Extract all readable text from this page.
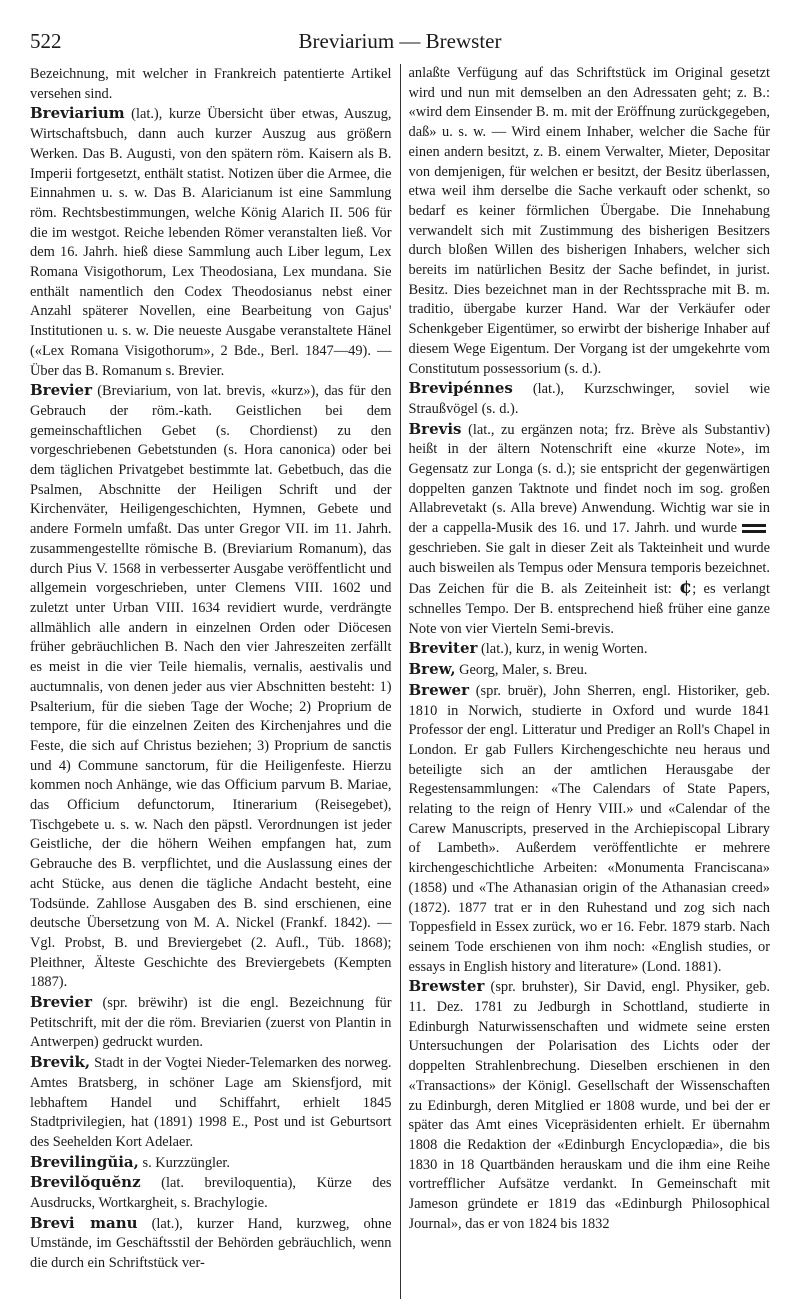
522	Breviarium — Brewster

Bezeichnung, mit welcher in Frankreich patentierte Artikel versehen sind.

Breviarium (lat.), kurze Übersicht über etwas, Auszug, Wirtschaftsbuch, dann auch kurzer Auszug aus größern Werken. Das B. Augusti, von den spätern röm. Kaisern als B. Imperii fortgesetzt, enthält statist. Notizen über die Armee, die Einnahmen u. s. w. Das B. Alaricianum ist eine Sammlung röm. Rechtsbestimmungen, welche König Alarich II. 506 für die im westgot. Reiche lebenden Römer veranstalten ließ. Vor dem 16. Jahrh. hieß diese Sammlung auch Liber legum, Lex Romana Visigothorum, Lex Theodosiana, Lex mundana. Sie enthält namentlich den Codex Theodosianus nebst einer Anzahl späterer Novellen, eine Bearbeitung von Gajus' Institutionen u. s. w. Die neueste Ausgabe veranstaltete Hänel («Lex Romana Visigothorum», 2 Bde., Berl. 1847—49). — Über das B. Romanum s. Brevier.

Brevier (Breviarium, von lat. brevis, «kurz»), das für den Gebrauch der röm.-kath. Geistlichen bei dem gemeinschaftlichen Gebet (s. Chordienst) zu den vorgeschriebenen Gebetstunden (s. Hora canonica) oder bei dem täglichen Privatgebet bestimmte lat. Gebetbuch, das die Psalmen, Abschnitte der Heiligen Schrift und der Kirchenväter, Heiligengeschichten, Hymnen, Gebete und andere Formeln umfaßt. Das unter Gregor VII. im 11. Jahrh. zusammengestellte römische B. (Breviarium Romanum), das durch Pius V. 1568 in verbesserter Ausgabe veröffentlicht und allgemein vorgeschrieben, unter Clemens VIII. 1602 und zuletzt unter Urban VIII. 1634 revidiert wurde, verdrängte allmählich alle andern in einzelnen Orden oder Diöcesen früher gebräuchlichen B. Nach den vier Jahreszeiten zerfällt es meist in die vier Teile hiemalis, vernalis, aestivalis und auctumnalis, von denen jeder aus vier Abschnitten besteht: 1) Psalterium, für die sieben Tage der Woche; 2) Proprium de tempore, für die einzelnen Zeiten des Kirchenjahres und die Feste, die sich auf Christus beziehen; 3) Proprium de sanctis und 4) Commune sanctorum, für die Heiligenfeste. Hierzu kommen noch Anhänge, wie das Officium parvum B. Mariae, das Officium defunctorum, Itinerarium (Reisegebet), Tischgebete u. s. w. Nach den päpstl. Verordnungen ist jeder Geistliche, der die höhern Weihen empfangen hat, zum Gebrauche des B. verpflichtet, und die Auslassung eines der acht Stücke, aus denen die tägliche Andacht besteht, eine Todsünde. Zahllose Ausgaben des B. sind erschienen, eine deutsche Übersetzung von M. A. Nickel (Frankf. 1842). — Vgl. Probst, B. und Breviergebet (2. Aufl., Tüb. 1868); Pleithner, Älteste Geschichte des Breviergebets (Kempten 1887).

Brevier (spr. brëwihr) ist die engl. Bezeichnung für Petitschrift, mit der die röm. Breviarien (zuerst von Plantin in Antwerpen) gedruckt wurden.

Brevik, Stadt in der Vogtei Nieder-Telemarken des norweg. Amtes Bratsberg, in schöner Lage am Skiensfjord, mit lebhaftem Handel und Schiffahrt, erhielt 1845 Stadtprivilegien, hat (1891) 1998 E., Post und ist Geburtsort des Seehelden Kort Adelaer.

Brevilingŭia, s. Kurzzüngler.

Brevilŏquĕnz (lat. breviloquentia), Kürze des Ausdrucks, Wortkargheit, s. Brachylogie.

Brevi manu (lat.), kurzer Hand, kurzweg, ohne Umstände, im Geschäftsstil der Behörden gebräuchlich, wenn die durch ein Schriftstück ver-

anlaßte Verfügung auf das Schriftstück im Original gesetzt wird und nun mit demselben an den Adressaten geht; z. B.: «wird dem Einsender B. m. mit der Eröffnung zurückgegeben, daß» u. s. w. — Wird einem Inhaber, welcher die Sache für einen andern besitzt, z. B. einem Verwalter, Mieter, Depositar von demjenigen, für welchen er besitzt, der Besitz überlassen, etwa weil ihm derselbe die Sache verkauft oder schenkt, so bedarf es keiner förmlichen Übergabe. Die Innehabung verwandelt sich mit Zustimmung des bisherigen Besitzers durch bloßen Willen des bisherigen Inhabers, welcher sich bereits im natürlichen Besitz der Sache befindet, in jurist. Besitz. Dies bezeichnet man in der Rechtssprache mit B. m. traditio, übergabe kurzer Hand. War der Verkäufer oder Schenkgeber Eigentümer, so erwirbt der bisherige Inhaber auf diesem Wege Eigentum. Der Vorgang ist der umgekehrte vom Constitutum possessorium (s. d.).

Brevipénnes (lat.), Kurzschwinger, soviel wie Straußvögel (s. d.).

Brevis (lat., zu ergänzen nota; frz. Brève als Substantiv) heißt in der ältern Notenschrift eine «kurze Note», im Gegensatz zur Longa (s. d.); sie entspricht der gegenwärtigen doppelten ganzen Taktnote und findet noch im sog. großen Allabrevetakt (s. Alla breve) Anwendung. Wichtig war sie in der a cappella-Musik des 16. und 17. Jahrh. und wurde
geschrieben. Sie galt in dieser Zeit als Takteinheit und wurde auch bisweilen als Tempus oder Mensura temporis bezeichnet. Das Zeichen für die B. als Zeiteinheit ist: ¢; es verlangt schnelles Tempo. Der B. entsprechend hieß früher eine ganze Note von vier Vierteln Semi-brevis.

Breviter (lat.), kurz, in wenig Worten.

Brew, Georg, Maler, s. Breu.

Brewer (spr. bruër), John Sherren, engl. Historiker, geb. 1810 in Norwich, studierte in Oxford und wurde 1841 Professor der engl. Litteratur und Prediger an Roll's Chapel in London. Er gab Fullers Kirchengeschichte neu heraus und beteiligte sich an der amtlichen Herausgabe der Regestensammlungen: «The Calendars of State Papers, relating to the reign of Henry VIII.» und «Calendar of the Carew Manuscripts, preserved in the Archiepiscopal Library of Lambeth». Außerdem veröffentlichte er mehrere kirchengeschichtliche Arbeiten: «Monumenta Franciscana» (1858) und «The Athanasian origin of the Athanasian creed» (1872). 1877 trat er in den Ruhestand und zog sich nach Toppesfield in Essex zurück, wo er 16. Febr. 1879 starb. Nach seinem Tode erschienen von ihm noch: «English studies, or essays in English history and literature» (Lond. 1881).

Brewster (spr. bruhster), Sir David, engl. Physiker, geb. 11. Dez. 1781 zu Jedburgh in Schottland, studierte in Edinburgh Naturwissenschaften und widmete seine ersten Untersuchungen der Polarisation des Lichts oder der doppelten Strahlenbrechung. Dieselben erschienen in den «Transactions» der Königl. Gesellschaft der Wissenschaften zu Edinburgh, deren Mitglied er 1808 wurde, und bei der er später das Amt eines Vicepräsidenten erhielt. Er übernahm 1808 die Redaktion der «Edinburgh Encyclopædia», die bis 1830 in 18 Quartbänden herauskam und die ihm eine Reihe vortrefflicher Aufsätze verdankt. In Gemeinschaft mit Jameson gründete er 1819 das «Edinburgh Philosophical Journal», das er von 1824 bis 1832
